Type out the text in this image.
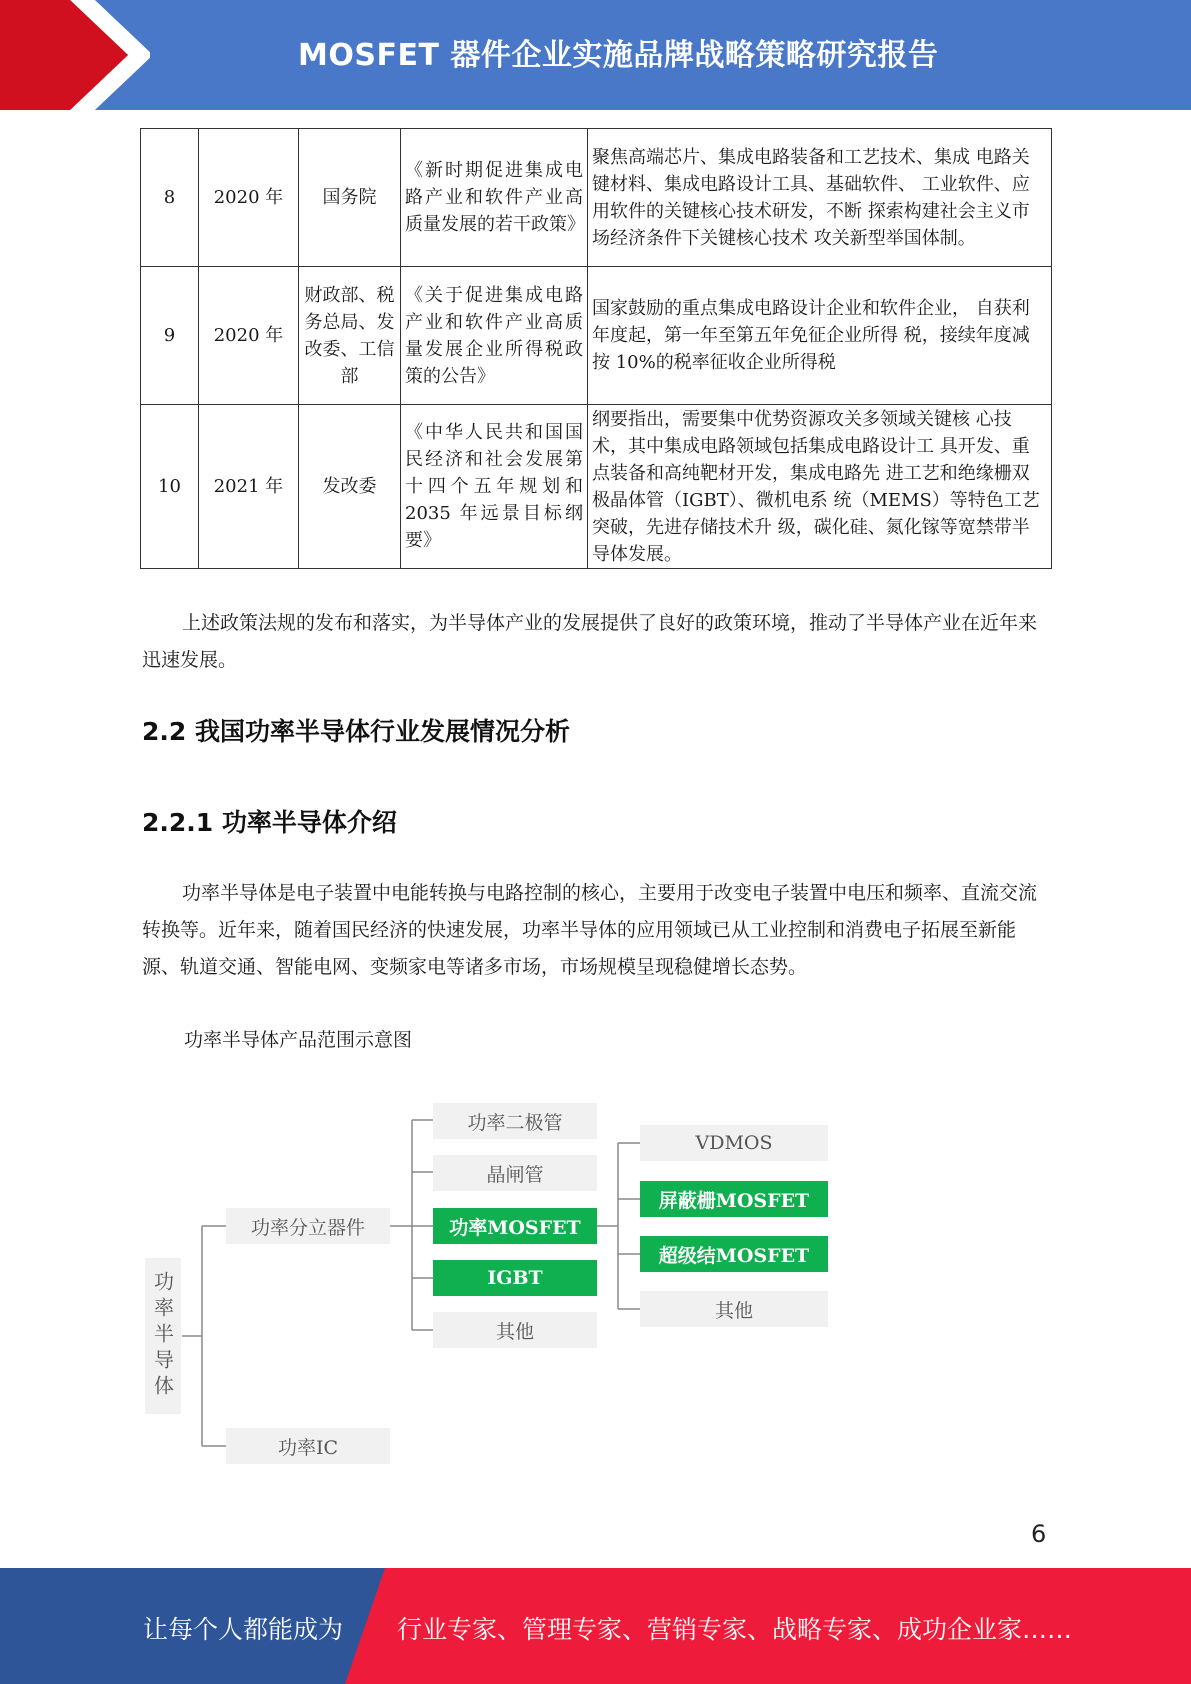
MOSFET 器件企业实施品牌战略策略研究报告
8	2020 年	国务院	《新时期促进集成电路产业和软件产业高质量发展的若干政策》	聚焦高端芯片、集成电路装备和工艺技术、集成 电路关键材料、集成电路设计工具、基础软件、 工业软件、应用软件的关键核心技术研发，不断 探索构建社会主义市场经济条件下关键核心技术 攻关新型举国体制。
9	2020 年	财政部、税务总局、发改委、工信部	《关于促进集成电路产业和软件产业高质量发展企业所得税政策的公告》	国家鼓励的重点集成电路设计企业和软件企业， 自获利年度起，第一年至第五年免征企业所得 税，接续年度减按 10%的税率征收企业所得税
10	2021 年	发改委	《中华人民共和国国民经济和社会发展第十四个五年规划和 2035 年远景目标纲要》	纲要指出，需要集中优势资源攻关多领域关键核 心技术，其中集成电路领域包括集成电路设计工 具开发、重点装备和高纯靶材开发，集成电路先 进工艺和绝缘栅双极晶体管（IGBT）、微机电系 统（MEMS）等特色工艺突破，先进存储技术升 级，碳化硅、氮化镓等宽禁带半导体发展。

上述政策法规的发布和落实，为半导体产业的发展提供了良好的政策环境，推动了半导体产业在近年来迅速发展。

2.2 我国功率半导体行业发展情况分析
2.2.1 功率半导体介绍

功率半导体是电子装置中电能转换与电路控制的核心，主要用于改变电子装置中电压和频率、直流交流转换等。近年来，随着国民经济的快速发展，功率半导体的应用领域已从工业控制和消费电子拓展至新能源、轨道交通、智能电网、变频家电等诸多市场，市场规模呈现稳健增长态势。

功率半导体产品范围示意图

功率半导体
功率分立器件
功率IC
功率二极管
晶闸管
功率MOSFET
IGBT
其他
VDMOS
屏蔽栅MOSFET
超级结MOSFET
其他
6
让每个人都能成为 行业专家、管理专家、营销专家、战略专家、成功企业家……
